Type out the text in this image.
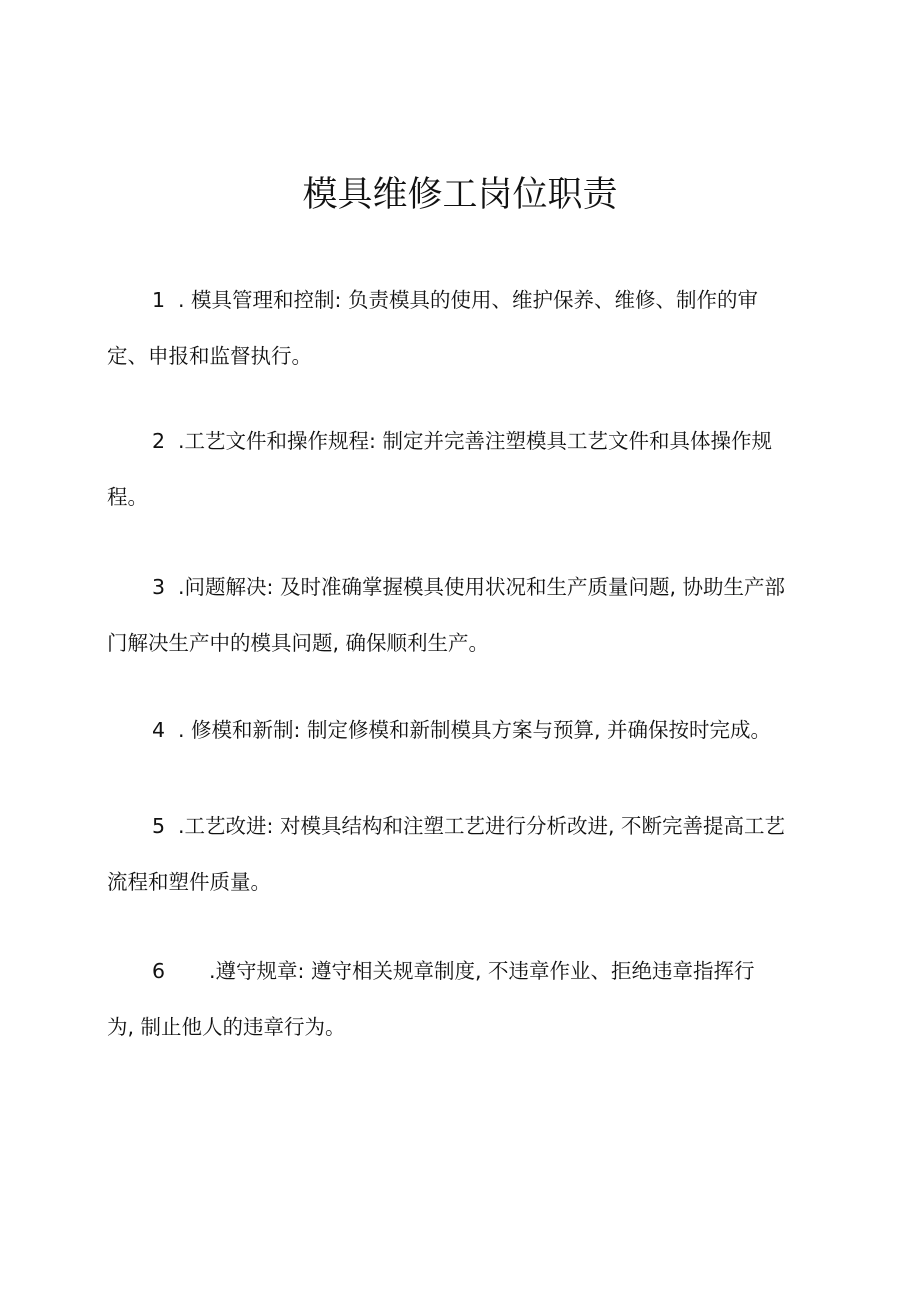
模具维修工岗位职责

1 . 模具管理和控制: 负责模具的使用、维护保养、维修、制作的审
定、申报和监督执行。

2 .工艺文件和操作规程: 制定并完善注塑模具工艺文件和具体操作规
程。

3 .问题解决: 及时准确掌握模具使用状况和生产质量问题, 协助生产部
门解决生产中的模具问题, 确保顺利生产。

4 . 修模和新制: 制定修模和新制模具方案与预算, 并确保按时完成。

5 .工艺改进: 对模具结构和注塑工艺进行分析改进, 不断完善提高工艺
流程和塑件质量。

6 .遵守规章: 遵守相关规章制度, 不违章作业、拒绝违章指挥行
为, 制止他人的违章行为。
